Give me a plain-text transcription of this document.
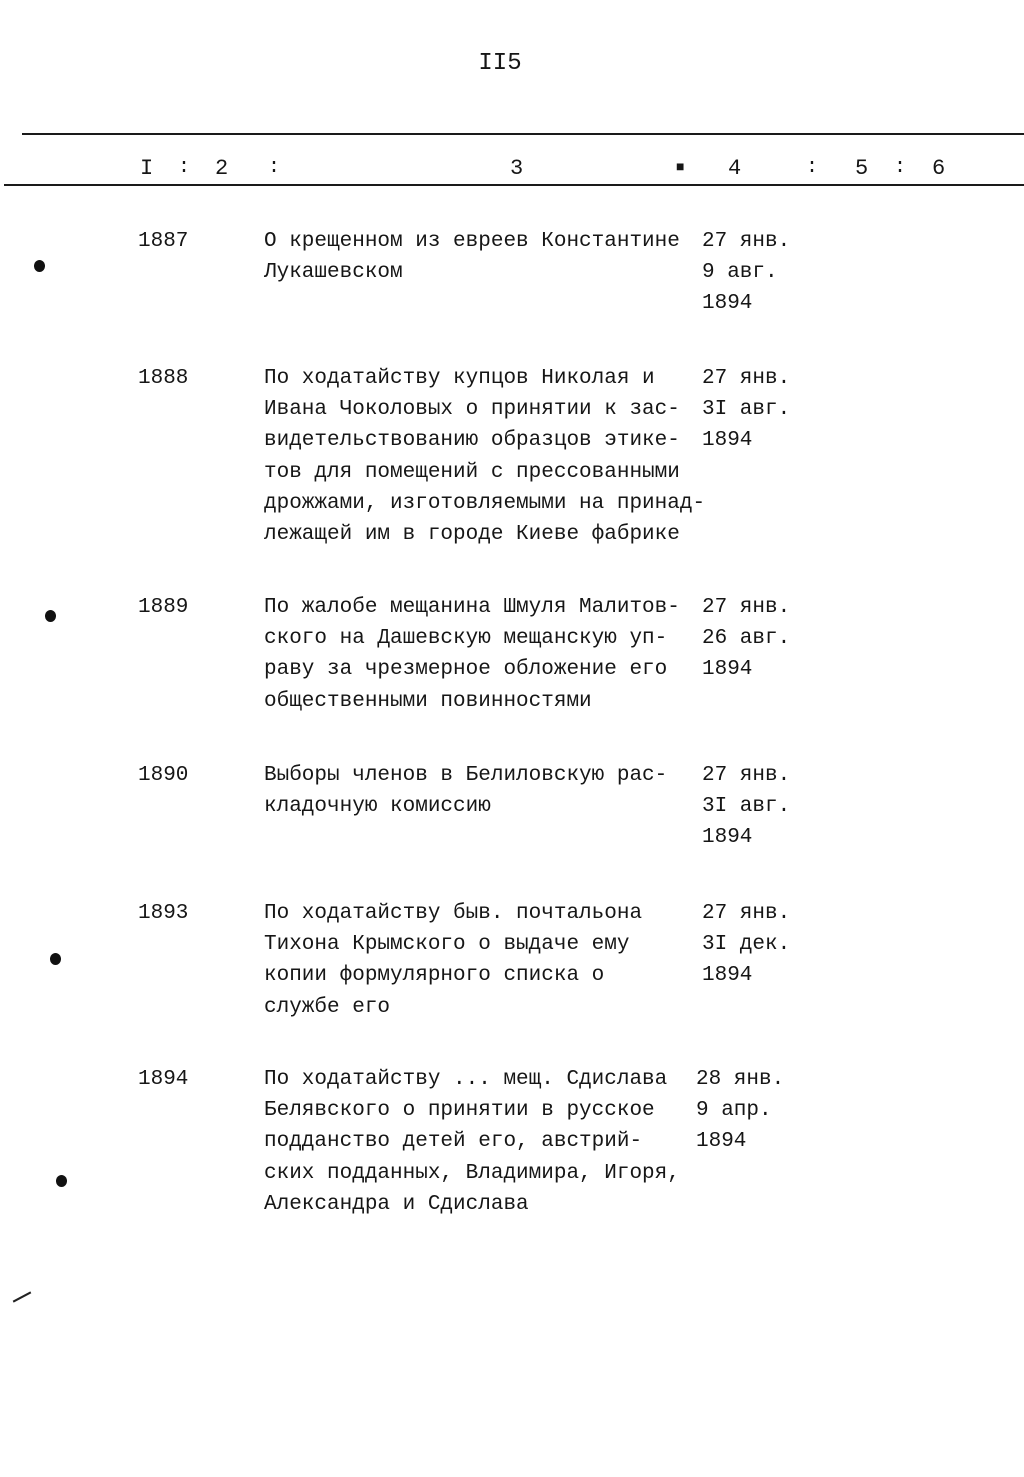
II5
I : 2 :	3	■ 4	: 5 : 6
1887	О крещенном из евреев Константине
Лукашевском
27 янв.
9 авг.
1894
1888	По ходатайству купцов Николая и
Ивана Чоколовых о принятии к зас-
видетельствованию образцов этике-
тов для помещений с прессованными
дрожжами, изготовляемыми на принад-
лежащей им в городе Киеве фабрике
27 янв.
3I авг.
1894
1889	По жалобе мещанина Шмуля Малитов-
ского на Дашевскую мещанскую уп-
раву за чрезмерное обложение его
общественными повинностями
27 янв.
26 авг.
1894
1890	Выборы членов в Белиловскую рас-
кладочную комиссию
27 янв.
3I авг.
1894
1893	По ходатайству быв. почтальона
Тихона Крымского о выдаче ему
копии формулярного списка о
службе его
27 янв.
3I дек.
1894
1894	По ходатайству ... мещ. Сдислава
Белявского о принятии в русское
подданство детей его, австрий-
ских подданных, Владимира, Игоря,
Александра и Сдислава
28 янв.
9 апр.
1894
